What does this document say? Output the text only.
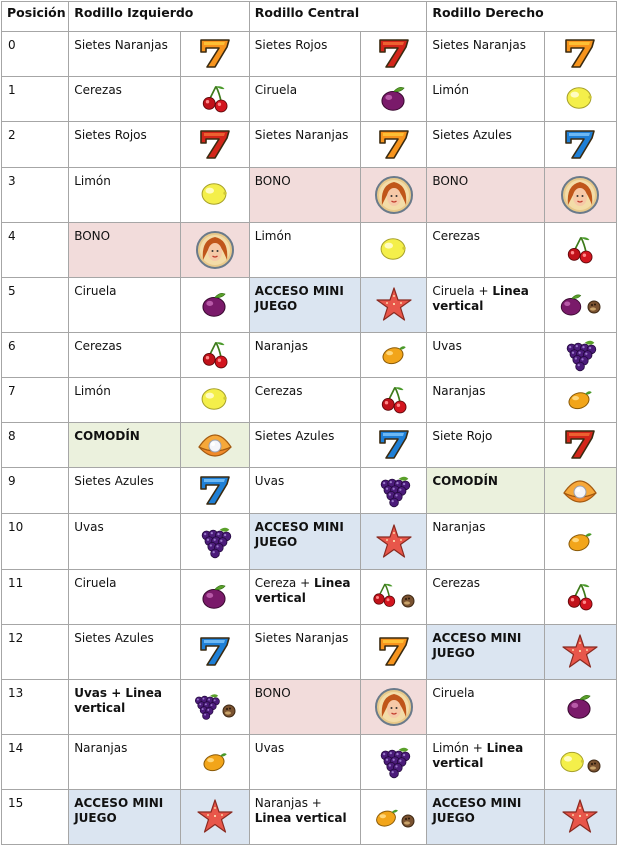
Posición	Rodillo Izquierdo		Rodillo Central		Rodillo Derecho	
0	Sietes Naranjas		Sietes Rojos		Sietes Naranjas	
1	Cerezas		Ciruela		Limón	
2	Sietes Rojos		Sietes Naranjas		Sietes Azules	
3	Limón		BONO		BONO	
4	BONO		Limón		Cerezas	
5	Ciruela		ACCESO MINI JUEGO		Ciruela + Linea vertical	
6	Cerezas		Naranjas		Uvas	
7	Limón		Cerezas		Naranjas	
8	COMODÍN		Sietes Azules		Siete Rojo	
9	Sietes Azules		Uvas		COMODÍN	
10	Uvas		ACCESO MINI JUEGO		Naranjas	
11	Ciruela		Cereza + Linea vertical		Cerezas	
12	Sietes Azules		Sietes Naranjas		ACCESO MINI JUEGO	
13	Uvas + Linea vertical		BONO		Ciruela	
14	Naranjas		Uvas		Limón + Linea vertical	
15	ACCESO MINI JUEGO		Naranjas + Linea vertical		ACCESO MINI JUEGO	
